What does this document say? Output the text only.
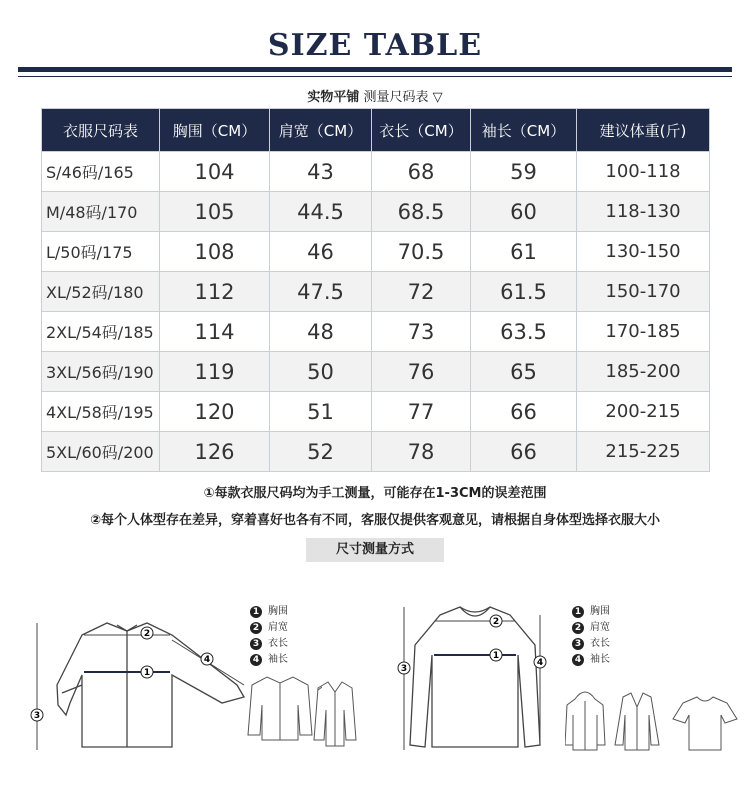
SIZE TABLE
实物平铺 测量尺码表 ▽
衣服尺码表	胸围（CM）	肩宽（CM）	衣长（CM）	袖长（CM）	建议体重(斤)
S/46码/165	104	43	68	59	100-118
M/48码/170	105	44.5	68.5	60	118-130
L/50码/175	108	46	70.5	61	130-150
XL/52码/180	112	47.5	72	61.5	150-170
2XL/54码/185	114	48	73	63.5	170-185
3XL/56码/190	119	50	76	65	185-200
4XL/58码/195	120	51	77	66	200-215
5XL/60码/200	126	52	78	66	215-225
①每款衣服尺码均为手工测量，可能存在1-3CM的误差范围
②每个人体型存在差异，穿着喜好也各有不同，客服仅提供客观意见，请根据自身体型选择衣服大小
尺寸测量方式
2
1
3
4
1 胸围
2 肩宽
3 衣长
4 袖长
2
1
3
4
1 胸围
2 肩宽
3 衣长
4 袖长
